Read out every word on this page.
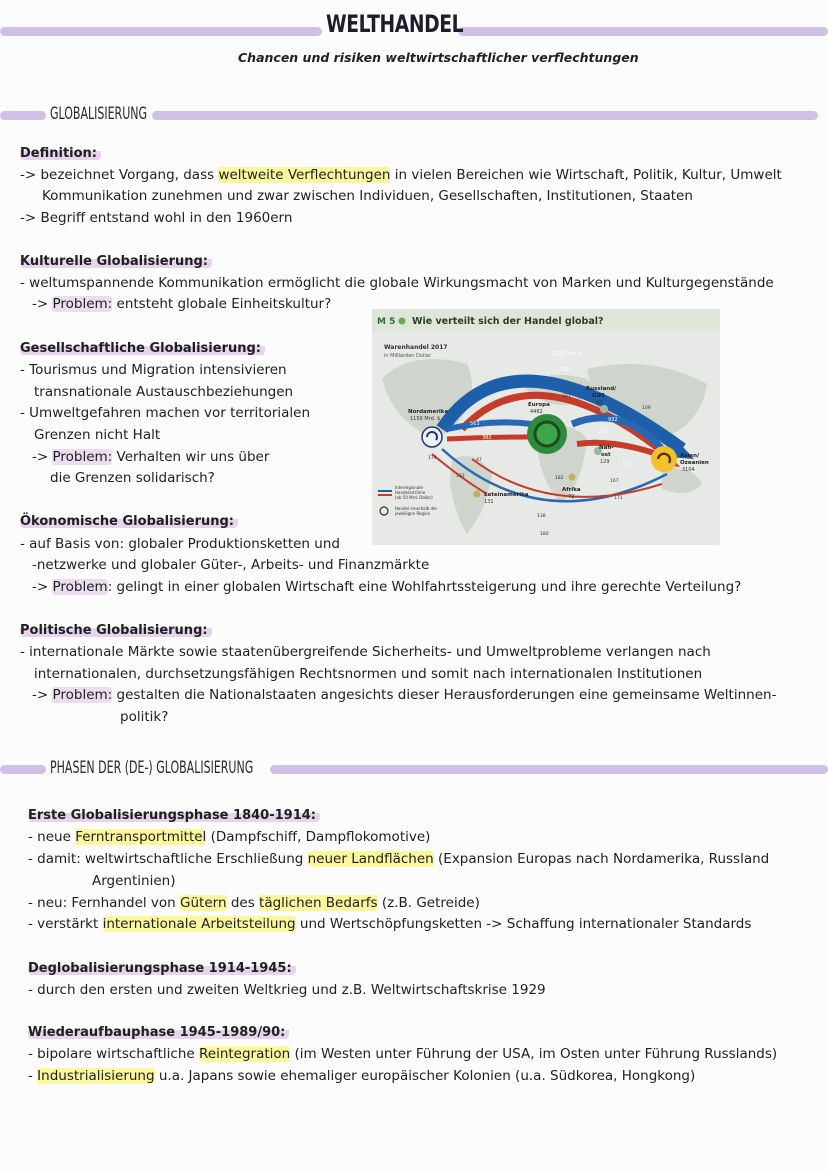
WELTHANDEL
Chancen und risiken weltwirtschaftlicher verflechtungen
GLOBALISIERUNG
Definition:
-> bezeichnet Vorgang, dass weltweite Verflechtungen in vielen Bereichen wie Wirtschaft, Politik, Kultur, Umwelt
Kommunikation zunehmen und zwar zwischen Individuen, Gesellschaften, Institutionen, Staaten
-> Begriff entstand wohl in den 1960ern
Kulturelle Globalisierung:
- weltumspannende Kommunikation ermöglicht die globale Wirkungsmacht von Marken und Kulturgegenstände
-> Problem: entsteht globale Einheitskultur?
Gesellschaftliche Globalisierung:
- Tourismus und Migration intensivieren
transnationale Austauschbeziehungen
- Umweltgefahren machen vor territorialen
Grenzen nicht Halt
-> Problem: Verhalten wir uns über
die Grenzen solidarisch?
M 5 Wie verteilt sich der Handel global?
Warenhandel 2017
in Milliarden Dollar
Nordamerika
1150 Mrd. $
Europa
4482
Russland/
GUS
93
Nah-
ost
129
Asien/
Ozeanien
3104
Afrika
72
Lateinamerika
131
1115 Mrd. $
528
563
382
932
731
331
109
174
133
138
180
167
171
47
182
477
Interregionale
Handelsströme
(ab 50 Mrd. Dollar)
Handel innerhalb der
jeweiligen Region
Ökonomische Globalisierung:
- auf Basis von: globaler Produktionsketten und
-netzwerke und globaler Güter-, Arbeits- und Finanzmärkte
-> Problem: gelingt in einer globalen Wirtschaft eine Wohlfahrtssteigerung und ihre gerechte Verteilung?
Politische Globalisierung:
- internationale Märkte sowie staatenübergreifende Sicherheits- und Umweltprobleme verlangen nach
internationalen, durchsetzungsfähigen Rechtsnormen und somit nach internationalen Institutionen
-> Problem: gestalten die Nationalstaaten angesichts dieser Herausforderungen eine gemeinsame Weltinnen-
politik?
PHASEN DER (DE-) GLOBALISIERUNG
Erste Globalisierungsphase 1840-1914:
- neue Ferntransportmittel (Dampfschiff, Dampflokomotive)
- damit: weltwirtschaftliche Erschließung neuer Landflächen (Expansion Europas nach Nordamerika, Russland
Argentinien)
- neu: Fernhandel von Gütern des täglichen Bedarfs (z.B. Getreide)
- verstärkt internationale Arbeitsteilung und Wertschöpfungsketten -> Schaffung internationaler Standards
Deglobalisierungsphase 1914-1945:
- durch den ersten und zweiten Weltkrieg und z.B. Weltwirtschaftskrise 1929
Wiederaufbauphase 1945-1989/90:
- bipolare wirtschaftliche Reintegration (im Westen unter Führung der USA, im Osten unter Führung Russlands)
- Industrialisierung u.a. Japans sowie ehemaliger europäischer Kolonien (u.a. Südkorea, Hongkong)
